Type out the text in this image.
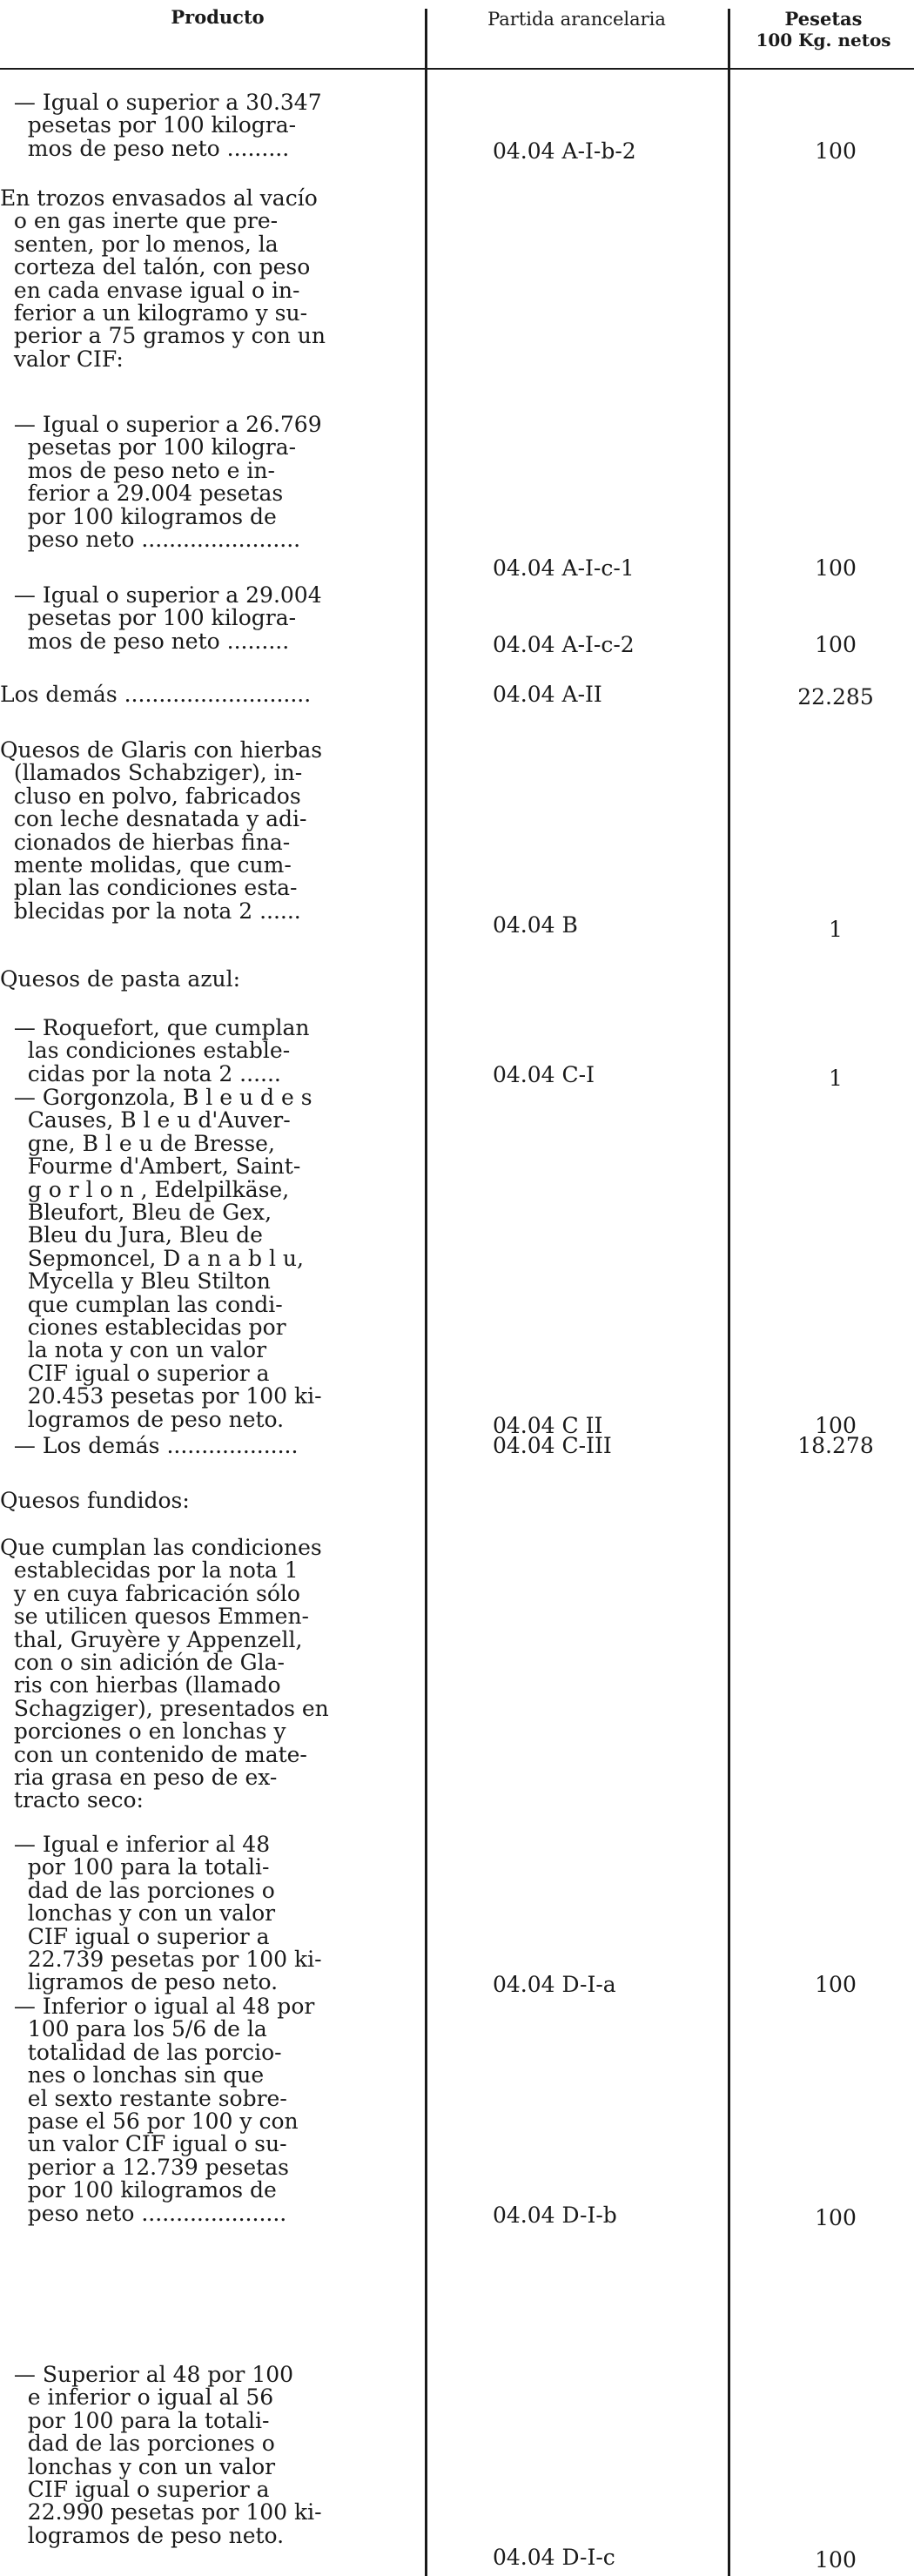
Producto	Partida arancelaria	Pesetas
100 Kg. netos
— Igual o superior a 30.347
pesetas por 100 kilogra-
mos de peso neto .........	04.04 A-I-b-2	100
En trozos envasados al vacío
o en gas inerte que pre-
senten, por lo menos, la
corteza del talón, con peso
en cada envase igual o in-
ferior a un kilogramo y su-
perior a 75 gramos y con un
valor CIF:
— Igual o superior a 26.769
pesetas por 100 kilogra-
mos de peso neto e in-
ferior a 29.004 pesetas
por 100 kilogramos de
peso neto .......................
04.04 A-I-c-1	100
— Igual o superior a 29.004
pesetas por 100 kilogra-
mos de peso neto .........	04.04 A-I-c-2	100
Los demás ...........................	04.04 A-II	22.285
Quesos de Glaris con hierbas
(llamados Schabziger), in-
cluso en polvo, fabricados
con leche desnatada y adi-
cionados de hierbas fina-
mente molidas, que cum-
plan las condiciones esta-
blecidas por la nota 2 ......
04.04 B	1
Quesos de pasta azul:
— Roquefort, que cumplan
las condiciones estable-
cidas por la nota 2 ......	04.04 C-I	1
— Gorgonzola, B l e u d e s
Causes, B l e u d'Auver-
gne, B l e u de Bresse,
Fourme d'Ambert, Saint-
g o r l o n , Edelpilkäse,
Bleufort, Bleu de Gex,
Bleu du Jura, Bleu de
Sepmoncel, D a n a b l u,
Mycella y Bleu Stilton
que cumplan las condi-
ciones establecidas por
la nota y con un valor
CIF igual o superior a
20.453 pesetas por 100 ki-
logramos de peso neto.	04.04 C II	100
— Los demás ...................	04.04 C-III	18.278
Quesos fundidos:
Que cumplan las condiciones
establecidas por la nota 1
y en cuya fabricación sólo
se utilicen quesos Emmen-
thal, Gruyère y Appenzell,
con o sin adición de Gla-
ris con hierbas (llamado
Schagziger), presentados en
porciones o en lonchas y
con un contenido de mate-
ria grasa en peso de ex-
tracto seco:
— Igual e inferior al 48
por 100 para la totali-
dad de las porciones o
lonchas y con un valor
CIF igual o superior a
22.739 pesetas por 100 ki-
ligramos de peso neto.	04.04 D-I-a	100
— Inferior o igual al 48 por
100 para los 5/6 de la
totalidad de las porcio-
nes o lonchas sin que
el sexto restante sobre-
pase el 56 por 100 y con
un valor CIF igual o su-
perior a 12.739 pesetas
por 100 kilogramos de
peso neto .....................	04.04 D-I-b	100
— Superior al 48 por 100
e inferior o igual al 56
por 100 para la totali-
dad de las porciones o
lonchas y con un valor
CIF igual o superior a
22.990 pesetas por 100 ki-
logramos de peso neto.
04.04 D-I-c	100
